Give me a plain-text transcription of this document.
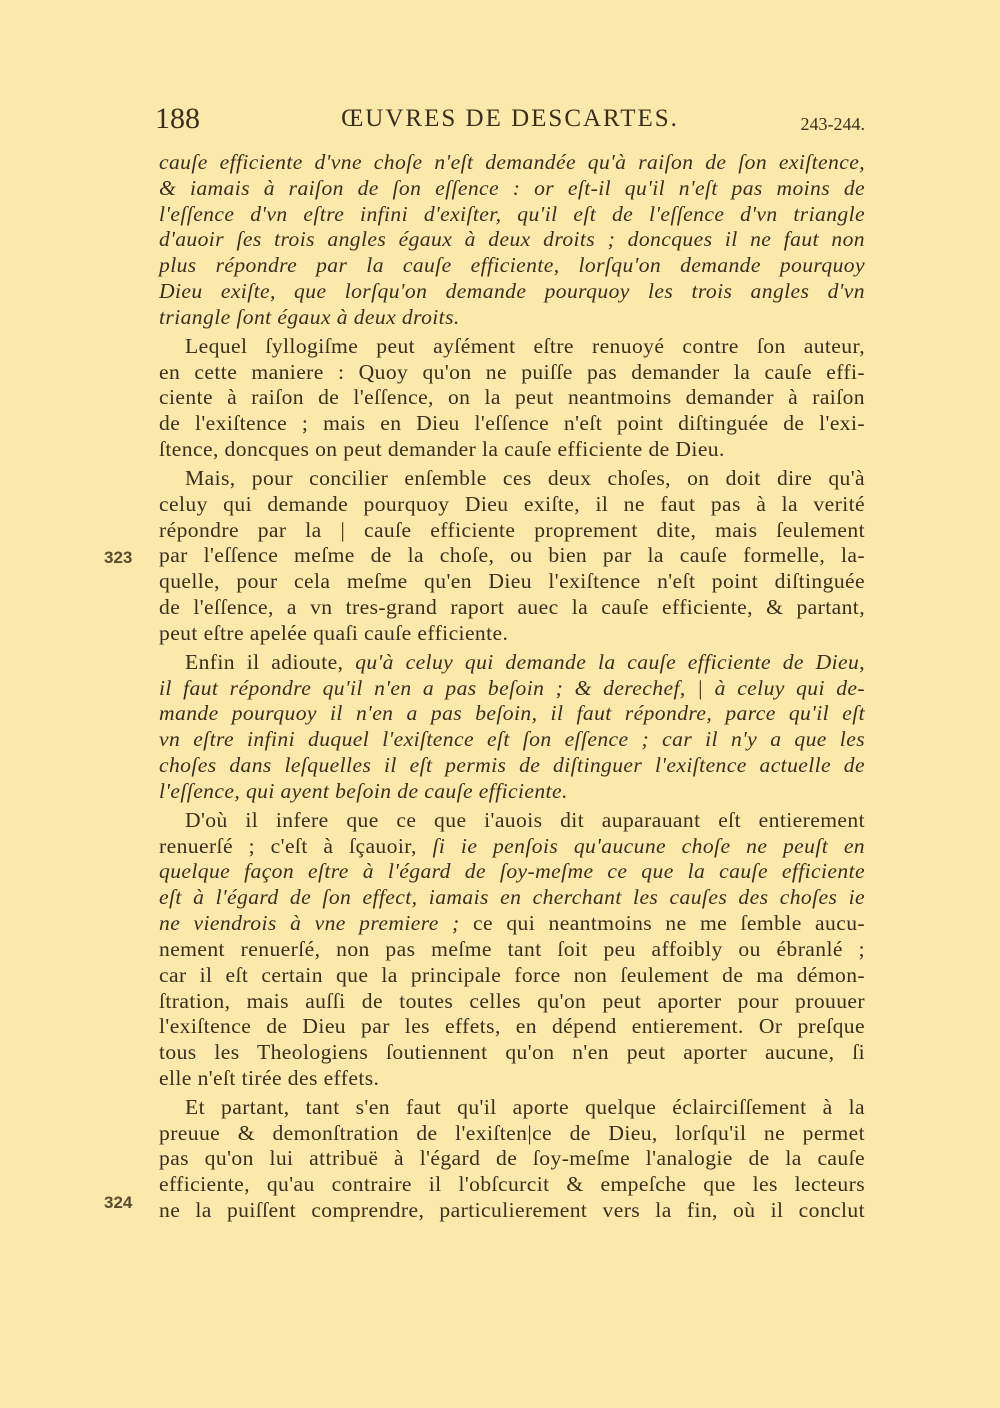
188	ŒUVRES DE DESCARTES.	243-244.
323
324
cauſe efficiente d'vne choſe n'eſt demandée qu'à raiſon de ſon exiſtence,
& iamais à raiſon de ſon eſſence : or eſt-il qu'il n'eſt pas moins de
l'eſſence d'vn eſtre infini d'exiſter, qu'il eſt de l'eſſence d'vn triangle
d'auoir ſes trois angles égaux à deux droits ; doncques il ne faut non
plus répondre par la cauſe efficiente, lorſqu'on demande pourquoy
Dieu exiſte, que lorſqu'on demande pourquoy les trois angles d'vn
triangle ſont égaux à deux droits.
Lequel ſyllogiſme peut ayſément eſtre renuoyé contre ſon auteur,
en cette maniere : Quoy qu'on ne puiſſe pas demander la cauſe effi-
ciente à raiſon de l'eſſence, on la peut neantmoins demander à raiſon
de l'exiſtence ; mais en Dieu l'eſſence n'eſt point diſtinguée de l'exi-
ſtence, doncques on peut demander la cauſe efficiente de Dieu.
Mais, pour concilier enſemble ces deux choſes, on doit dire qu'à
celuy qui demande pourquoy Dieu exiſte, il ne faut pas à la verité
répondre par la | cauſe efficiente proprement dite, mais ſeulement
par l'eſſence meſme de la choſe, ou bien par la cauſe formelle, la-
quelle, pour cela meſme qu'en Dieu l'exiſtence n'eſt point diſtinguée
de l'eſſence, a vn tres-grand raport auec la cauſe efficiente, & partant,
peut eſtre apelée quaſi cauſe efficiente.
Enfin il adioute, qu'à celuy qui demande la cauſe efficiente de Dieu,
il faut répondre qu'il n'en a pas beſoin ; & derechef, | à celuy qui de-
mande pourquoy il n'en a pas beſoin, il faut répondre, parce qu'il eſt
vn eſtre infini duquel l'exiſtence eſt ſon eſſence ; car il n'y a que les
choſes dans leſquelles il eſt permis de diſtinguer l'exiſtence actuelle de
l'eſſence, qui ayent beſoin de cauſe efficiente.
D'où il infere que ce que i'auois dit auparauant eſt entierement
renuerſé ; c'eſt à ſçauoir, ſi ie penſois qu'aucune choſe ne peuſt en
quelque façon eſtre à l'égard de ſoy-meſme ce que la cauſe efficiente
eſt à l'égard de ſon effect, iamais en cherchant les cauſes des choſes ie
ne viendrois à vne premiere ; ce qui neantmoins ne me ſemble aucu-
nement renuerſé, non pas meſme tant ſoit peu affoibly ou ébranlé ;
car il eſt certain que la principale force non ſeulement de ma démon-
ſtration, mais auſſi de toutes celles qu'on peut aporter pour prouuer
l'exiſtence de Dieu par les effets, en dépend entierement. Or preſque
tous les Theologiens ſoutiennent qu'on n'en peut aporter aucune, ſi
elle n'eſt tirée des effets.
Et partant, tant s'en faut qu'il aporte quelque éclairciſſement à la
preuue & demonſtration de l'exiſten|ce de Dieu, lorſqu'il ne permet
pas qu'on lui attribuë à l'égard de ſoy-meſme l'analogie de la cauſe
efficiente, qu'au contraire il l'obſcurcit & empeſche que les lecteurs
ne la puiſſent comprendre, particulierement vers la fin, où il conclut
